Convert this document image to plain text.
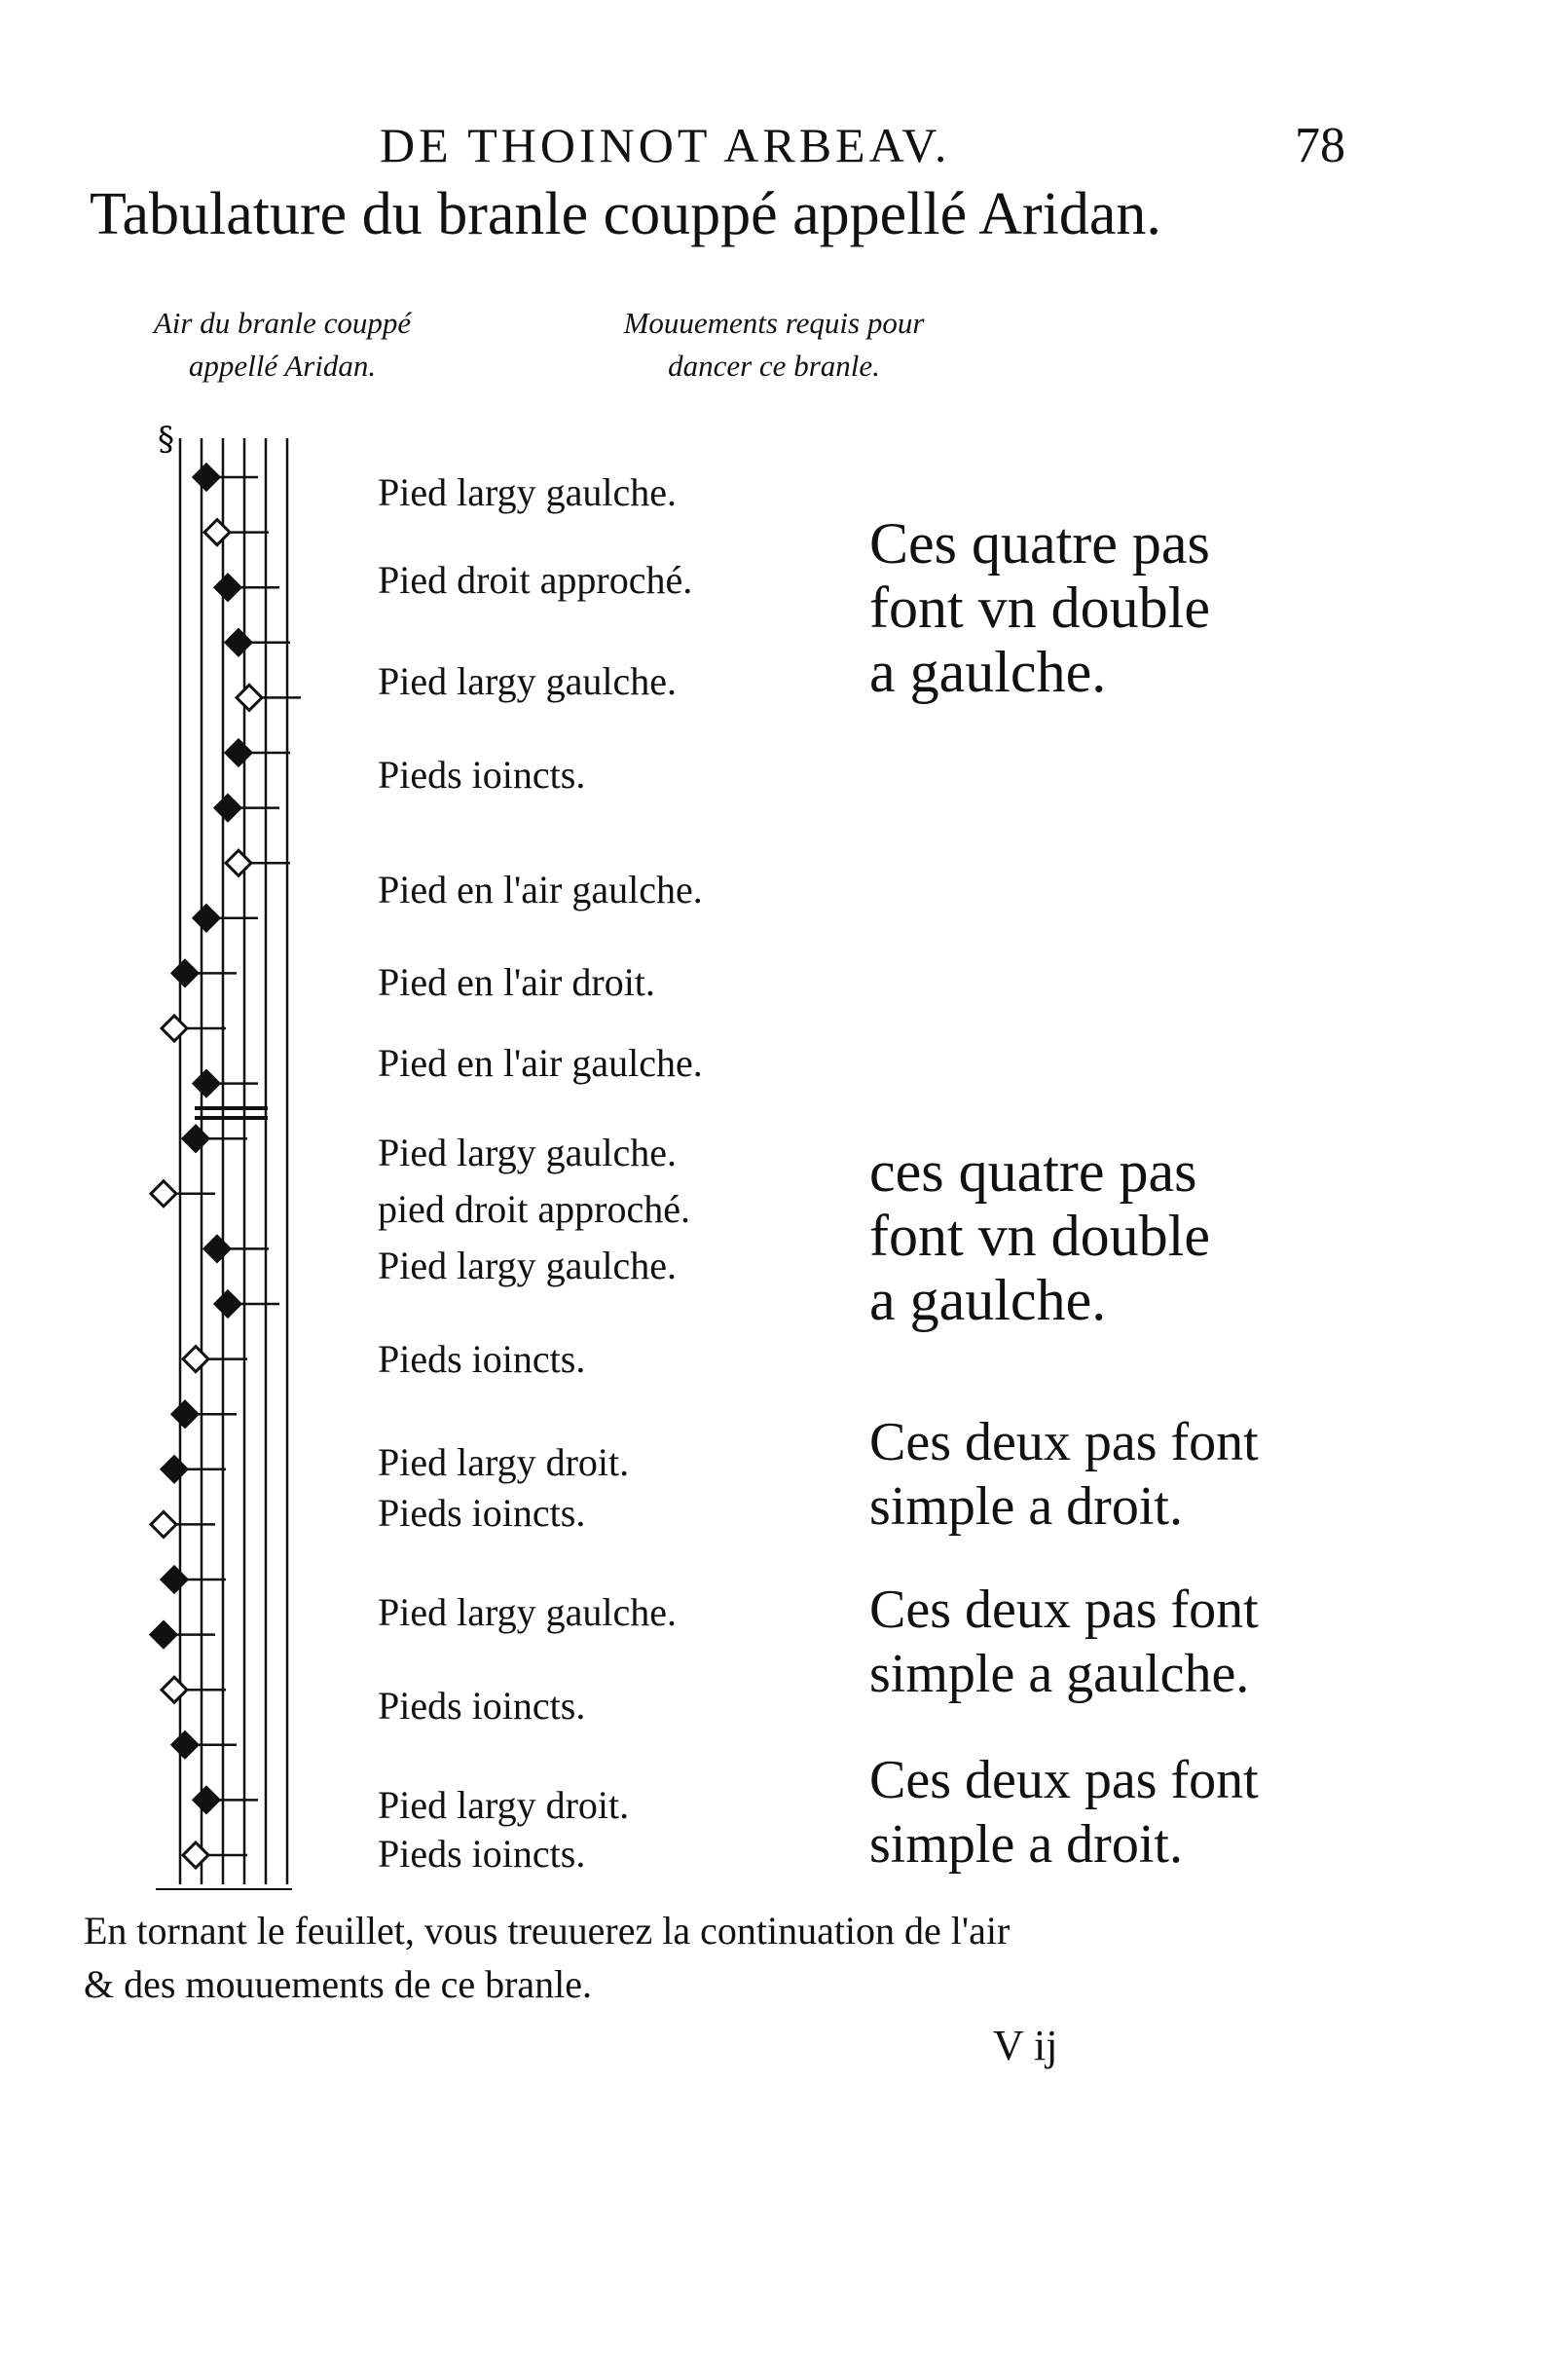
DE THOINOT ARBEAV.	78
Tabulature du branle couppé appellé Aridan.
Air du branle couppé
appellé Aridan.
Mouuements requis pour
dancer ce branle.
§
Pied largy gaulche.
Pied droit approché.
Pied largy gaulche.
Pieds ioincts.
Pied en l'air gaulche.
Pied en l'air droit.
Pied en l'air gaulche.
Pied largy gaulche.
pied droit approché.
Pied largy gaulche.
Pieds ioincts.
Pied largy droit.
Pieds ioincts.
Pied largy gaulche.
Pieds ioincts.
Pied largy droit.
Pieds ioincts.
Ces quatre pas
font vn double
a gaulche.
ces quatre pas
font vn double
a gaulche.
Ces deux pas font
simple a droit.
Ces deux pas font
simple a gaulche.
Ces deux pas font
simple a droit.
En tornant le feuillet, vous treuuerez la continuation de l'air
& des mouuements de ce branle.
V ij
